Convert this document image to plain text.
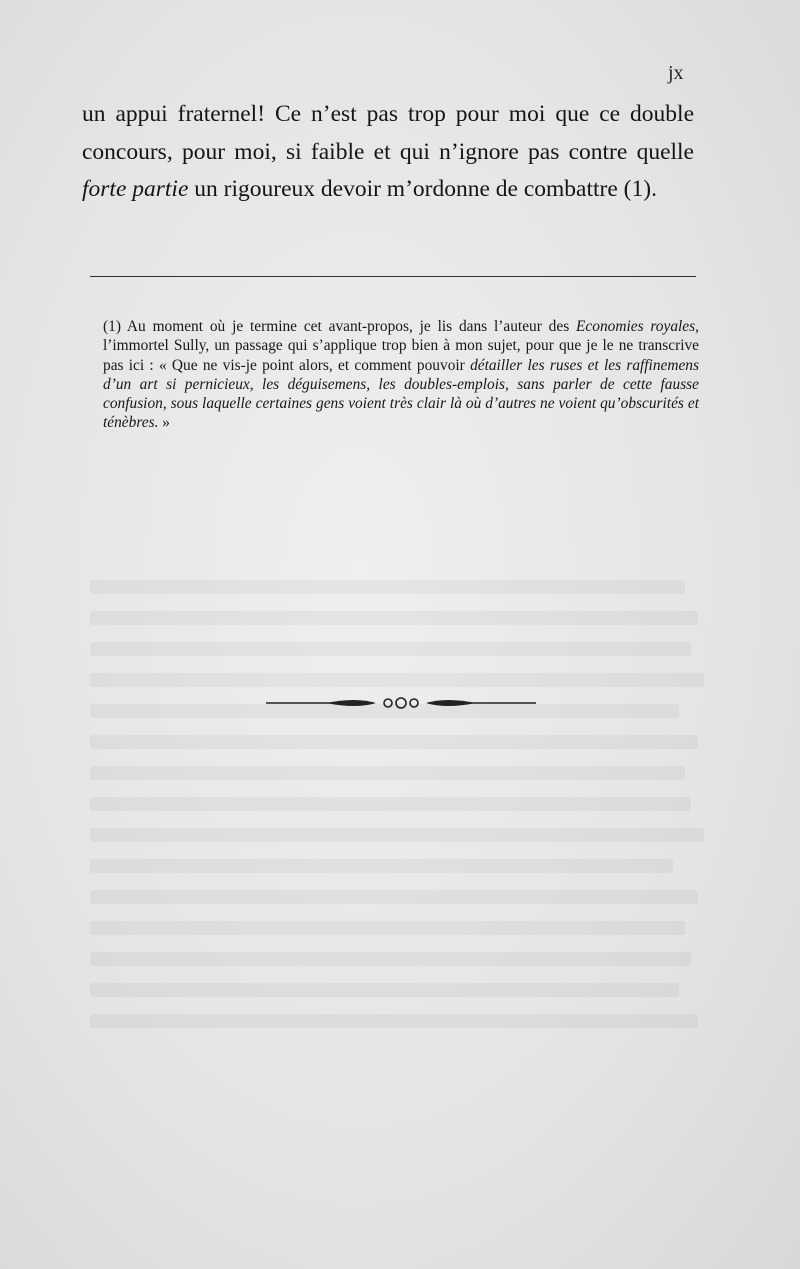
jx

un appui fraternel! Ce n’est pas trop pour moi que ce double concours, pour moi, si faible et qui n’ignore pas contre quelle forte partie un rigoureux devoir m’ordonne de combattre (1).

(1) Au moment où je termine cet avant-propos, je lis dans l’auteur des Economies royales, l’immortel Sully, un passage qui s’applique trop bien à mon sujet, pour que je le ne transcrive pas ici : « Que ne vis-je point alors, et comment pouvoir détailler les ruses et les raffinemens d’un art si pernicieux, les déguisemens, les doubles-emplois, sans parler de cette fausse confusion, sous laquelle certaines gens voient très clair là où d’autres ne voient qu’obscurités et ténèbres. »
